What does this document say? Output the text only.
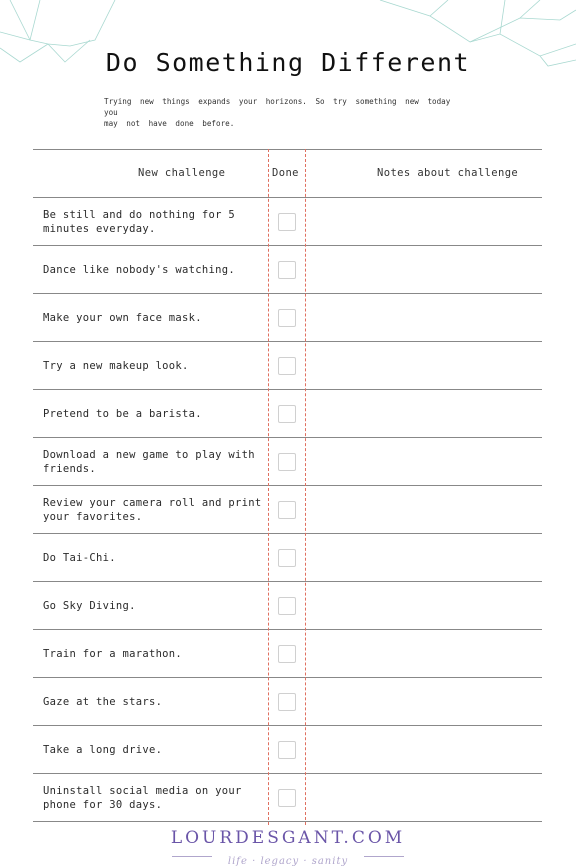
Do Something Different
Trying new things expands your horizons. So try something new today
you
may not have done before.
New challenge	Done	Notes about challenge
Be still and do nothing for 5 minutes everyday.
Dance like nobody's watching.
Make your own face mask.
Try a new makeup look.
Pretend to be a barista.
Download a new game to play with friends.
Review your camera roll and print your favorites.
Do Tai-Chi.
Go Sky Diving.
Train for a marathon.
Gaze at the stars.
Take a long drive.
Uninstall social media on your phone for 30 days.
LOURDESGANT.COM
life · legacy · sanity
